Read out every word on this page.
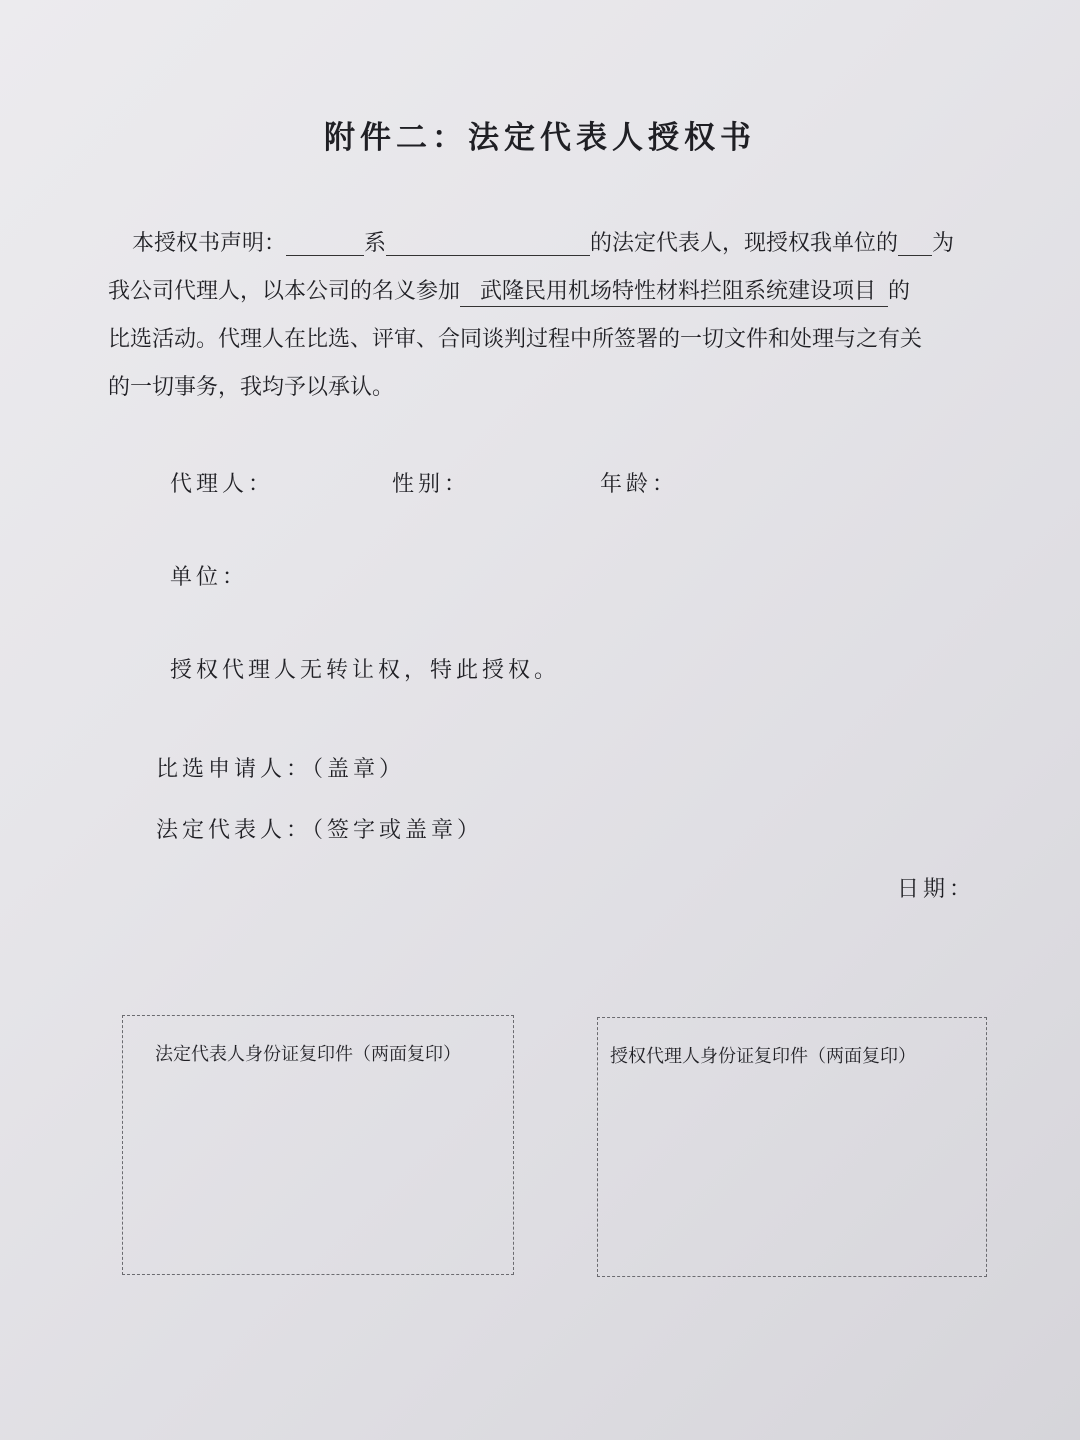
附件二：法定代表人授权书
本授权书声明：	系	的法定代表人，现授权我单位的 为
我公司代理人，以本公司的名义参加 武隆民用机场特性材料拦阻系统建设项目 的
比选活动。代理人在比选、评审、合同谈判过程中所签署的一切文件和处理与之有关
的一切事务，我均予以承认。
代理人：	性别：	年龄：
单位：
授权代理人无转让权，特此授权。
比选申请人：（盖章）
法定代表人：（签字或盖章）
日期：
法定代表人身份证复印件（两面复印）	授权代理人身份证复印件（两面复印）
